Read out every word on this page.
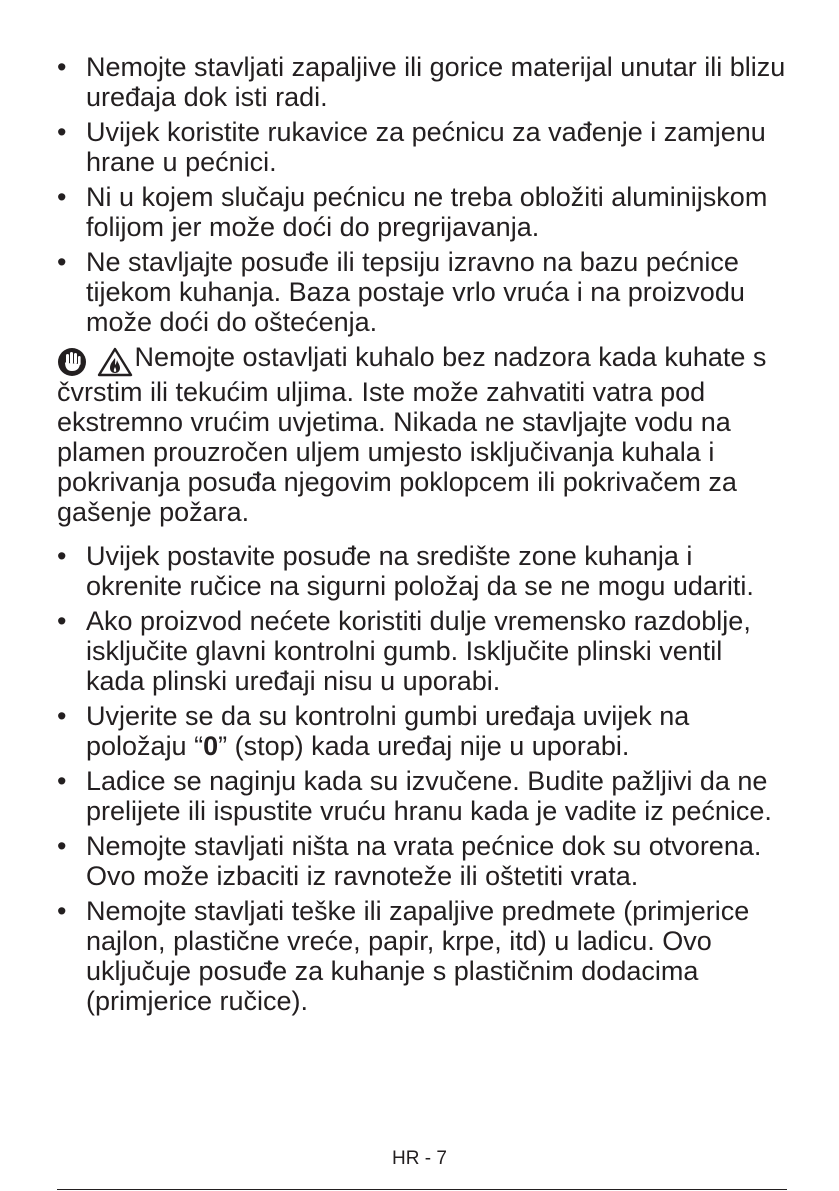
• Nemojte stavljati zapaljive ili gorice materijal unutar ili blizu uređaja dok isti radi.
• Uvijek koristite rukavice za pećnicu za vađenje i zamjenu hrane u pećnici.
• Ni u kojem slučaju pećnicu ne treba obložiti aluminijskom folijom jer može doći do pregrijavanja.
• Ne stavljajte posuđe ili tepsiju izravno na bazu pećnice tijekom kuhanja. Baza postaje vrlo vruća i na proizvodu može doći do oštećenja.

Nemojte ostavljati kuhalo bez nadzora kada kuhate s čvrstim ili tekućim uljima. Iste može zahvatiti vatra pod ekstremno vrućim uvjetima. Nikada ne stavljajte vodu na plamen prouzročen uljem umjesto isključivanja kuhala i pokrivanja posuđa njegovim poklopcem ili pokrivačem za gašenje požara.

• Uvijek postavite posuđe na središte zone kuhanja i okrenite ručice na sigurni položaj da se ne mogu udariti.
• Ako proizvod nećete koristiti dulje vremensko razdoblje, isključite glavni kontrolni gumb. Isključite plinski ventil kada plinski uređaji nisu u uporabi.
• Uvjerite se da su kontrolni gumbi uređaja uvijek na položaju “0” (stop) kada uređaj nije u uporabi.
• Ladice se naginju kada su izvučene. Budite pažljivi da ne prelijete ili ispustite vruću hranu kada je vadite iz pećnice.
• Nemojte stavljati ništa na vrata pećnice dok su otvorena. Ovo može izbaciti iz ravnoteže ili oštetiti vrata.
• Nemojte stavljati teške ili zapaljive predmete (primjerice najlon, plastične vreće, papir, krpe, itd) u ladicu. Ovo uključuje posuđe za kuhanje s plastičnim dodacima (primjerice ručice).
HR - 7
